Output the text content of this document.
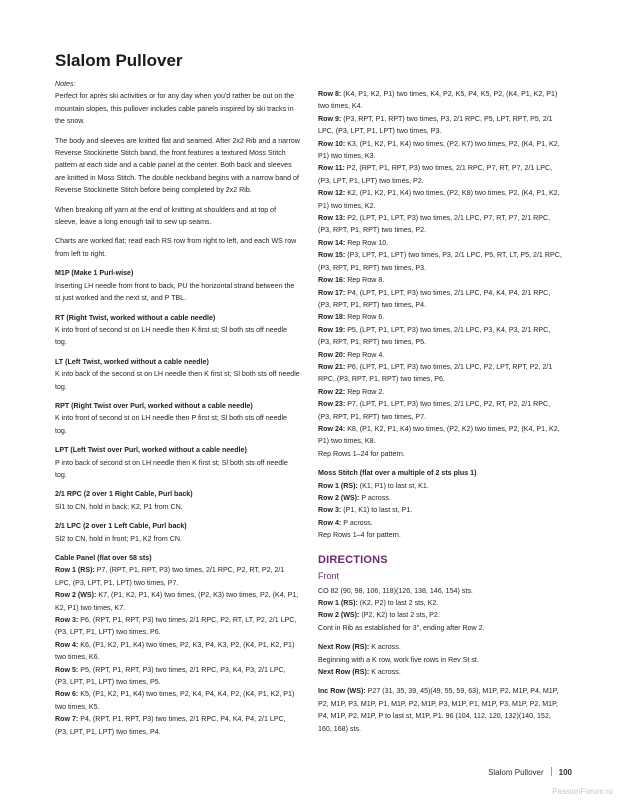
Slalom Pullover

Notes:

Perfect for après ski activities or for any day when you'd rather be out on the mountain slopes, this pullover includes cable panels inspired by ski tracks in the snow.

The body and sleeves are knitted flat and seamed. After 2x2 Rib and a narrow Reverse Stockinette Stitch band, the front features a textured Moss Stitch pattern at each side and a cable panel at the center. Both back and sleeves are knitted in Moss Stitch. The double neckband begins with a narrow band of Reverse Stockinette Stitch before being completed by 2x2 Rib.

When breaking off yarn at the end of knitting at shoulders and at top of sleeve, leave a long enough tail to sew up seams.

Charts are worked flat; read each RS row from right to left, and each WS row from left to right.

M1P (Make 1 Purl-wise)

Inserting LH needle from front to back, PU the horizontal strand between the st just worked and the next st, and P TBL.

RT (Right Twist, worked without a cable needle)

K into front of second st on LH needle then K first st; Sl both sts off needle tog.

LT (Left Twist, worked without a cable needle)

K into back of the second st on LH needle then K first st; Sl both sts off needle tog.

RPT (Right Twist over Purl, worked without a cable needle)

K into front of second st on LH needle then P first st; Sl both sts off needle tog.

LPT (Left Twist over Purl, worked without a cable needle)

P into back of second st on LH needle then K first st; Sl both sts off needle tog.

2/1 RPC (2 over 1 Right Cable, Purl back)

Sl1 to CN, hold in back; K2, P1 from CN.

2/1 LPC (2 over 1 Left Cable, Purl back)

Sl2 to CN, hold in front; P1, K2 from CN.

Cable Panel (flat over 58 sts)

Row 1 (RS): P7, (RPT, P1, RPT, P3) two times, 2/1 RPC, P2, RT, P2, 2/1 LPC, (P3, LPT, P1, LPT) two times, P7.

Row 2 (WS): K7, (P1, K2, P1, K4) two times, (P2, K3) two times, P2, (K4, P1, K2, P1) two times, K7.

Row 3: P6, (RPT, P1, RPT, P3) two times, 2/1 RPC, P2, RT, LT, P2, 2/1 LPC, (P3, LPT, P1, LPT) two times, P6.

Row 4: K6, (P1, K2, P1, K4) two times, P2, K3, P4, K3, P2, (K4, P1, K2, P1) two times, K6.

Row 5: P5, (RPT, P1, RPT, P3) two times, 2/1 RPC, P3, K4, P3, 2/1 LPC, (P3, LPT, P1, LPT) two times, P5.

Row 6: K5, (P1, K2, P1, K4) two times, P2, K4, P4, K4, P2, (K4, P1, K2, P1) two times, K5.

Row 7: P4, (RPT, P1, RPT, P3) two times, 2/1 RPC, P4, K4, P4, 2/1 LPC, (P3, LPT, P1, LPT) two times, P4.

Row 8: (K4, P1, K2, P1) two times, K4, P2, K5, P4, K5, P2, (K4, P1, K2, P1) two times, K4.

Row 9: (P3, RPT, P1, RPT) two times, P3, 2/1 RPC, P5, LPT, RPT, P5, 2/1 LPC, (P3, LPT, P1, LPT) two times, P3.

Row 10: K3, (P1, K2, P1, K4) two times, (P2, K7) two times, P2, (K4, P1, K2, P1) two times, K3.

Row 11: P2, (RPT, P1, RPT, P3) two times, 2/1 RPC, P7, RT, P7, 2/1 LPC, (P3, LPT, P1, LPT) two times, P2.

Row 12: K2, (P1, K2, P1, K4) two times, (P2, K8) two times, P2, (K4, P1, K2, P1) two times, K2.

Row 13: P2, (LPT, P1, LPT, P3) two times, 2/1 LPC, P7, RT, P7, 2/1 RPC, (P3, RPT, P1, RPT) two times, P2.

Row 14: Rep Row 10.

Row 15: (P3, LPT, P1, LPT) two times, P3, 2/1 LPC, P5, RT, LT, P5, 2/1 RPC, (P3, RPT, P1, RPT) two times, P3.

Row 16: Rep Row 8.

Row 17: P4, (LPT, P1, LPT, P3) two times, 2/1 LPC, P4, K4, P4, 2/1 RPC, (P3, RPT, P1, RPT) two times, P4.

Row 18: Rep Row 6.

Row 19: P5, (LPT, P1, LPT, P3) two times, 2/1 LPC, P3, K4, P3, 2/1 RPC, (P3, RPT, P1, RPT) two times, P5.

Row 20: Rep Row 4.

Row 21: P6, (LPT, P1, LPT, P3) two times, 2/1 LPC, P2, LPT, RPT, P2, 2/1 RPC, (P3, RPT, P1, RPT) two times, P6.

Row 22: Rep Row 2.

Row 23: P7, (LPT, P1, LPT, P3) two times, 2/1 LPC, P2, RT, P2, 2/1 RPC, (P3, RPT, P1, RPT) two times, P7.

Row 24: K8, (P1, K2, P1, K4) two times, (P2, K2) two times, P2, (K4, P1, K2, P1) two times, K8.

Rep Rows 1–24 for pattern.

Moss Stitch (flat over a multiple of 2 sts plus 1)

Row 1 (RS): (K1, P1) to last st, K1.

Row 2 (WS): P across.

Row 3: (P1, K1) to last st, P1.

Row 4: P across.

Rep Rows 1–4 for pattern.

DIRECTIONS

Front

CO 82 (90, 98, 106, 118)(126, 138, 146, 154) sts.

Row 1 (RS): (K2, P2) to last 2 sts, K2.

Row 2 (WS): (P2, K2) to last 2 sts, P2.

Cont in Rib as established for 3", ending after Row 2.

Next Row (RS): K across.

Beginning with a K row, work five rows in Rev St st.

Next Row (RS): K across.

Inc Row (WS): P27 (31, 35, 39, 45)(49, 55, 59, 63), M1P, P2, M1P, P4, M1P, P2, M1P, P3, M1P, P1, M1P, P2, M1P, P3, M1P, P1, M1P, P3, M1P, P2, M1P, P4, M1P, P2, M1P, P to last st, M1P, P1. 96 (104, 112, 120, 132)(140, 152, 160, 168) sts.

Slalom Pullover 100
PassionForum.ru
